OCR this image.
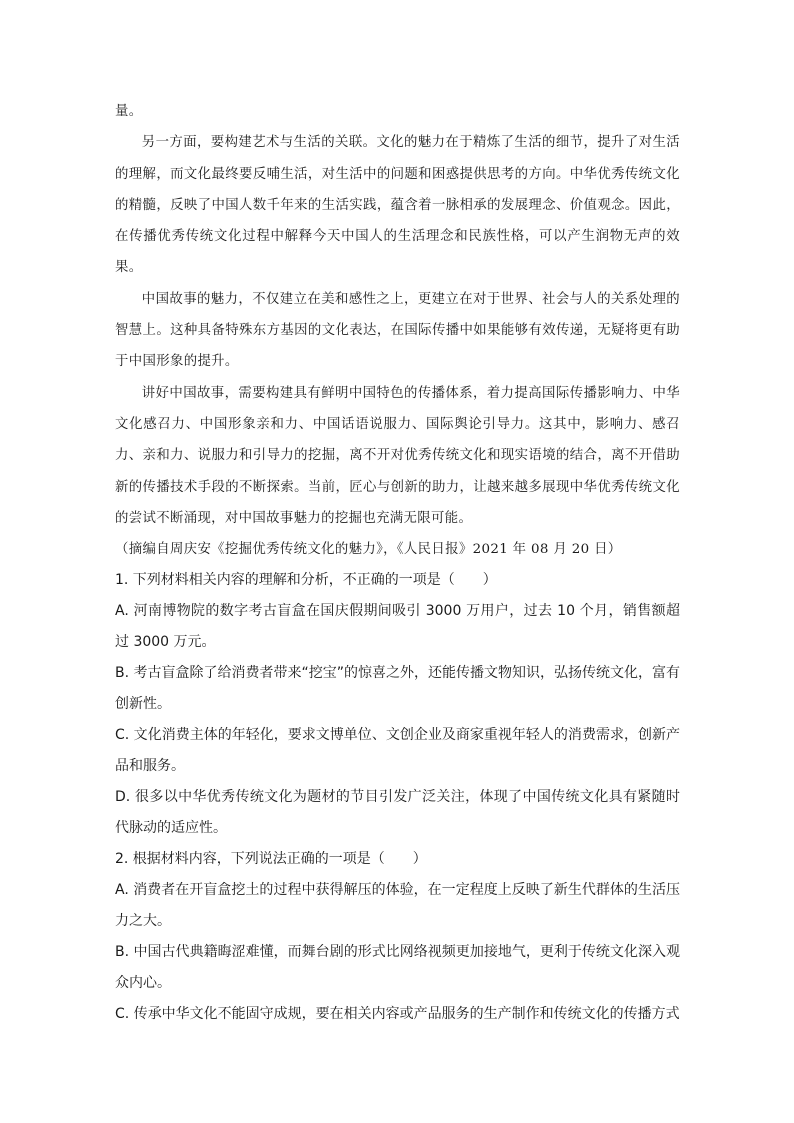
量。

另一方面，要构建艺术与生活的关联。文化的魅力在于精炼了生活的细节，提升了对生活的理解，而文化最终要反哺生活，对生活中的问题和困惑提供思考的方向。中华优秀传统文化的精髓，反映了中国人数千年来的生活实践，蕴含着一脉相承的发展理念、价值观念。因此，在传播优秀传统文化过程中解释今天中国人的生活理念和民族性格，可以产生润物无声的效果。

中国故事的魅力，不仅建立在美和感性之上，更建立在对于世界、社会与人的关系处理的智慧上。这种具备特殊东方基因的文化表达，在国际传播中如果能够有效传递，无疑将更有助于中国形象的提升。

讲好中国故事，需要构建具有鲜明中国特色的传播体系，着力提高国际传播影响力、中华文化感召力、中国形象亲和力、中国话语说服力、国际舆论引导力。这其中，影响力、感召力、亲和力、说服力和引导力的挖掘，离不开对优秀传统文化和现实语境的结合，离不开借助新的传播技术手段的不断探索。当前，匠心与创新的助力，让越来越多展现中华优秀传统文化的尝试不断涌现，对中国故事魅力的挖掘也充满无限可能。

（摘编自周庆安《挖掘优秀传统文化的魅力》，《人民日报》2021 年 08 月 20 日）

1. 下列材料相关内容的理解和分析，不正确的一项是（　　）

A. 河南博物院的数字考古盲盒在国庆假期间吸引 3000 万用户，过去 10 个月，销售额超过 3000 万元。

B. 考古盲盒除了给消费者带来“挖宝”的惊喜之外，还能传播文物知识，弘扬传统文化，富有创新性。

C. 文化消费主体的年轻化，要求文博单位、文创企业及商家重视年轻人的消费需求，创新产品和服务。

D. 很多以中华优秀传统文化为题材的节目引发广泛关注，体现了中国传统文化具有紧随时代脉动的适应性。

2. 根据材料内容，下列说法正确的一项是（　　）

A. 消费者在开盲盒挖土的过程中获得解压的体验，在一定程度上反映了新生代群体的生活压力之大。

B. 中国古代典籍晦涩难懂，而舞台剧的形式比网络视频更加接地气，更利于传统文化深入观众内心。

C. 传承中华文化不能固守成规，要在相关内容或产品服务的生产制作和传统文化的传播方式
